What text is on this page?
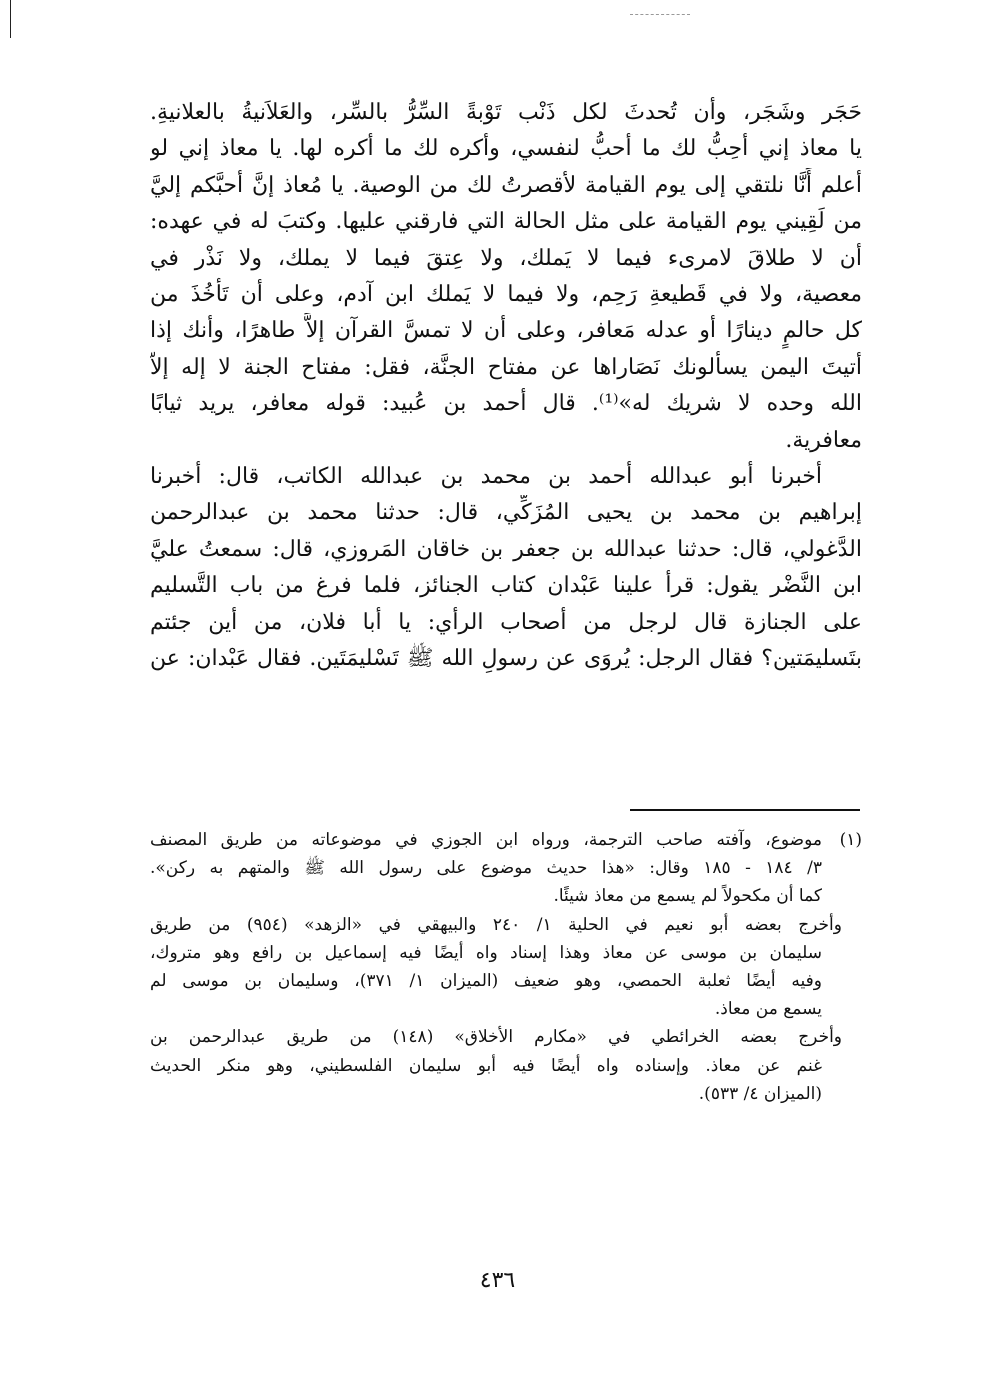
حَجَر وشَجَر، وأن تُحدثَ لكل ذَنْب تَوْبةً السِّرُّ بالسِّر، والعَلاَنيةُ بالعلانيةِ.
يا معاذ إني أحِبُّ لك ما أحبُّ لنفسي، وأكره لك ما أكره لها. يا معاذ إني لو
أعلم أَنَّا نلتقي إلى يوم القيامة لأقصرتُ لك من الوصية. يا مُعاذ إنَّ أحبَّكم إليَّ
من لَقِيني يوم القيامة على مثل الحالة التي فارقني عليها. وكتبَ له في عهده:
أن لا طلاقَ لامرىء فيما لا يَملك، ولا عِتقَ فيما لا يملك، ولا نَذْر في
معصية، ولا في قَطيعةِ رَحِم، ولا فيما لا يَملك ابن آدم، وعلى أن تَأْخُذَ من
كل حالمٍ دينارًا أو عدله مَعافر، وعلى أن لا تمسَّ القرآن إلاَّ طاهرًا، وأنك إذا
أتيتَ اليمن يسألونك نَصَاراها عن مفتاح الجنَّة، فقل: مفتاح الجنة لا إله إلاّ
الله وحده لا شريك له»⁽¹⁾. قال أحمد بن عُبيد: قوله معافر، يريد ثيابًا
معافرية.
أخبرنا أبو عبدالله أحمد بن محمد بن عبدالله الكاتب، قال: أخبرنا
إبراهيم بن محمد بن يحيى المُزَكِّي، قال: حدثنا محمد بن عبدالرحمن
الدَّغولي، قال: حدثنا عبدالله بن جعفر بن خاقان المَروزي، قال: سمعتُ عليَّ
ابن النَّضْر يقول: قرأ علينا عَبْدان كتاب الجنائز، فلما فرغ من باب التَّسليم
على الجنازة قال لرجل من أصحاب الرأي: يا أبا فلان، من أين جئتم
بتَسليمَتين؟ فقال الرجل: يُروَى عن رسولِ الله ﷺ تَسْليمَتَين. فقال عَبْدان: عن
(١)
موضوع، وآفته صاحب الترجمة، ورواه ابن الجوزي في موضوعاته من طريق المصنف
٣/ ١٨٤ - ١٨٥ وقال: «هذا حديث موضوع على رسول الله ﷺ والمتهم به ركن».
كما أن مكحولاً لم يسمع من معاذ شيئًا.
وأخرج بعضه أبو نعيم في الحلية ١/ ٢٤٠ والبيهقي في «الزهد» (٩٥٤) من طريق
سليمان بن موسى عن معاذ وهذا إسناد واه أيضًا فيه إسماعيل بن رافع وهو متروك،
وفيه أيضًا ثعلبة الحمصي، وهو ضعيف (الميزان ١/ ٣٧١)، وسليمان بن موسى لم
يسمع من معاذ.
وأخرج بعضه الخرائطي في «مكارم الأخلاق» (١٤٨) من طريق عبدالرحمن بن
غنم عن معاذ. وإسناده واه أيضًا فيه أبو سليمان الفلسطيني، وهو منكر الحديث
(الميزان ٤/ ٥٣٣).
٤٣٦
